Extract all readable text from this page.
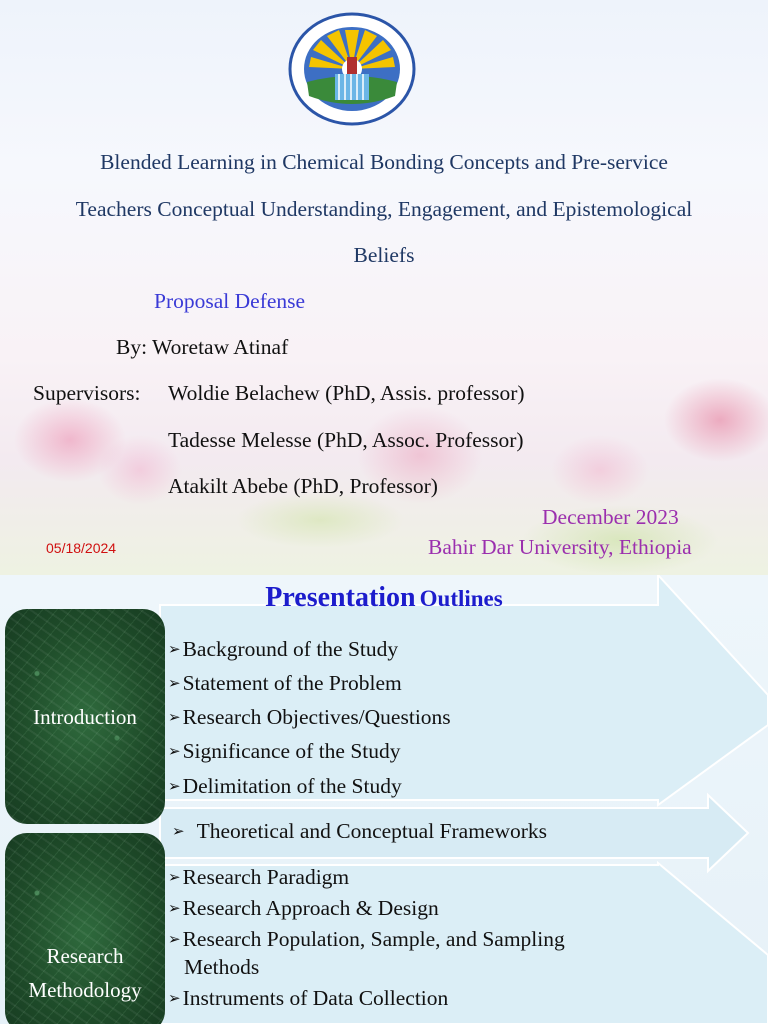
Blended Learning in Chemical Bonding Concepts and Pre-service
Teachers Conceptual Understanding, Engagement, and Epistemological
Beliefs
Proposal Defense
By: Woretaw Atinaf
Supervisors: Woldie Belachew (PhD, Assis. professor)
Tadesse Melesse (PhD, Assoc. Professor)
Atakilt Abebe (PhD, Professor)
December 2023
Bahir Dar University, Ethiopia
05/18/2024
Presentation Outlines
Introduction
Research
Methodology
➢Background of the Study
➢Statement of the Problem
➢Research Objectives/Questions
➢Significance of the Study
➢Delimitation of the Study
➢ Theoretical and Conceptual Frameworks
➢Research Paradigm
➢Research Approach & Design
➢Research Population, Sample, and Sampling
Methods
➢Instruments of Data Collection
